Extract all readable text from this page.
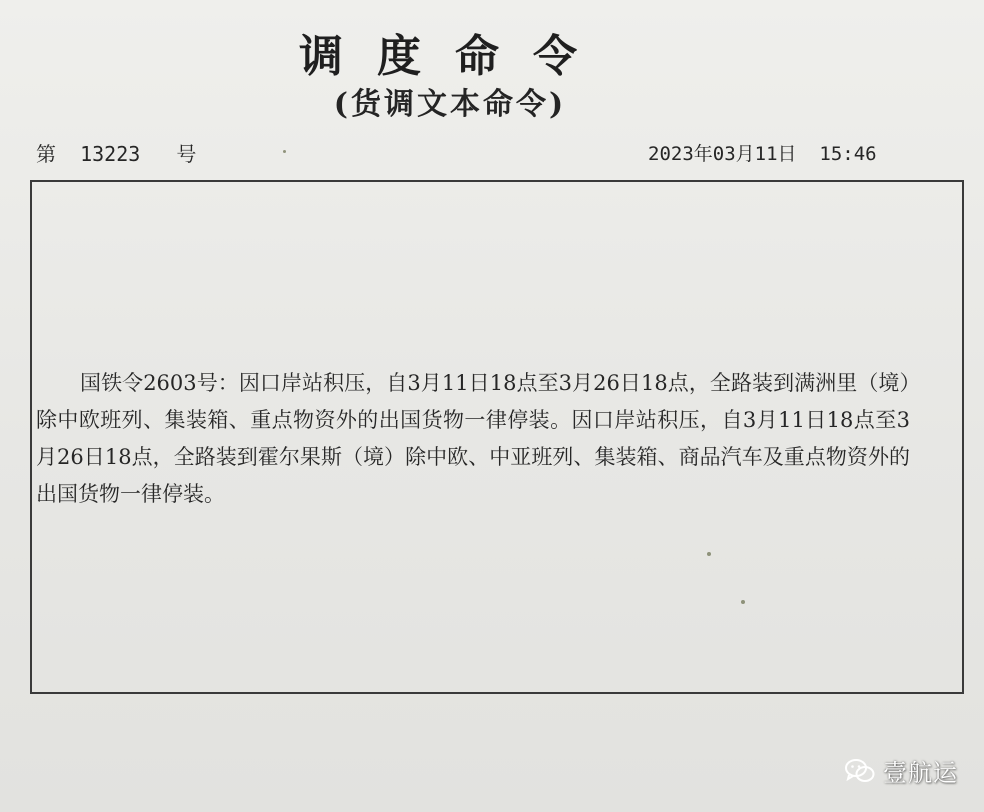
调度命令
(货调文本命令)
第  13223   号	2023年03月11日  15:46

国铁令2603号：因口岸站积压，自3月11日18点至3月26日18点，全路装到满洲里（境）除中欧班列、集装箱、重点物资外的出国货物一律停装。因口岸站积压，自3月11日18点至3月26日18点，全路装到霍尔果斯（境）除中欧、中亚班列、集装箱、商品汽车及重点物资外的出国货物一律停装。

壹航运
